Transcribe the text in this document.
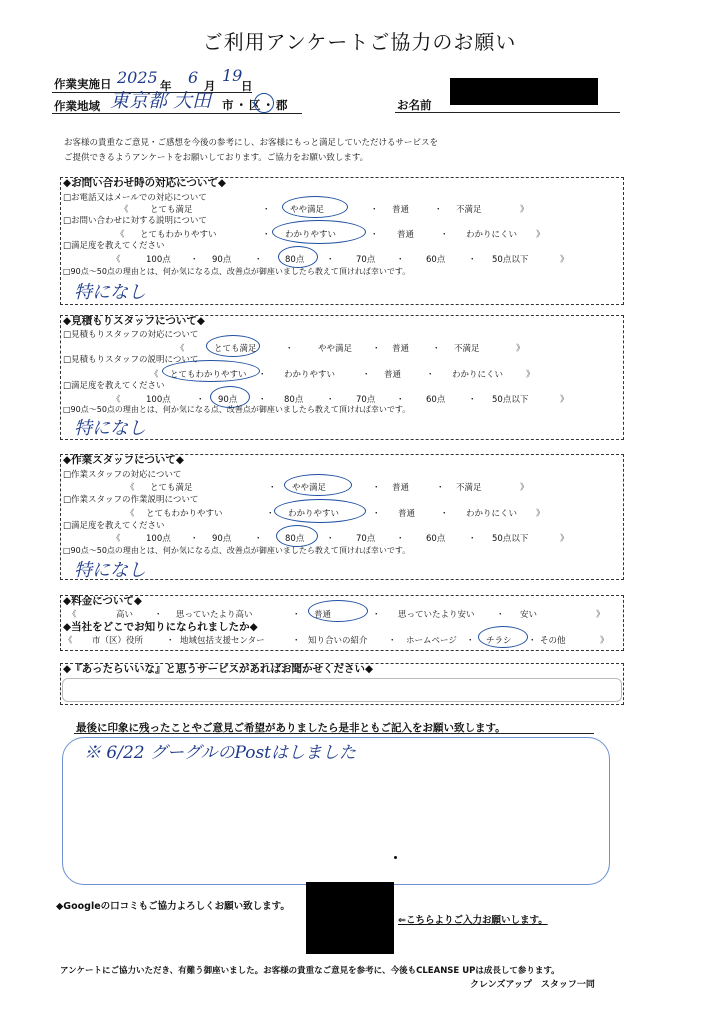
ご利用アンケートご協力のお願い
作業実施日 2025 年 6 月
19
日
作業地域 東京都 大田 市・区・郡	お名前
お客様の貴重なご意見・ご感想を今後の参考にし、お客様にもっと満足していただけるサービスを
ご提供できるようアンケートをお願いしております。ご協力をお願い致します。
◆お問い合わせ時の対応について◆
□お電話又はメールでの対応について
《	とても満足	・ やや満足	・ 普通	・ 不満足	》
□お問い合わせに対する説明について
《 とてもわかりやすい	・ わかりやすい	・ 普通	・ わかりにくい 》
□満足度を教えてください
《	100点 ・ 90点	・	80点	・	70点 ・	60点	・ 50点以下	》
□90点～50点の理由とは、何か気になる点、改善点が御座いましたら教えて頂ければ幸いです。
特になし
◆見積もりスタッフについて◆
□見積もりスタッフの対応について
《	とても満足	・	やや満足 ・ 普通	・ 不満足	》
□見積もりスタッフの説明について
《 とてもわかりやすい ・ わかりやすい	・ 普通	・ わかりにくい	》
□満足度を教えてください
《	100点	・ 90点 ・ 80点	・	70点 ・	60点	・ 50点以下	》
□90点～50点の理由とは、何か気になる点、改善点が御座いましたら教えて頂ければ幸いです。
特になし
◆作業スタッフについて◆
□作業スタッフの対応について
《 とても満足	・ やや満足	・ 普通	・ 不満足	》
□作業スタッフの作業説明について
《 とてもわかりやすい	・ わかりやすい	・ 普通	・ わかりにくい 》
□満足度を教えてください
《	100点 ・ 90点	・	80点	・	70点 ・	60点	・ 50点以下	》
□90点～50点の理由とは、何か気になる点、改善点が御座いましたら教えて頂ければ幸いです。
特になし
◆料金について◆
《	高い ・ 思っていたより高い	・ 普通	・ 思っていたより安い	・ 安い	》
◆当社をどこでお知りになられましたか◆
《 市（区）役所	・ 地域包括支援センター	・ 知り合いの紹介 ・ ホームページ ・ チラシ ・ その他	》
◆『あったらいいな』と思うサービスがあればお聞かせください◆
最後に印象に残ったことやご意見ご希望がありましたら是非ともご記入をお願い致します。
※ 6/22 グーグルのPostはしました
◆Googleの口コミもご協力よろしくお願い致します。
⇐こちらよりご入力お願いします。
アンケートにご協力いただき、有難う御座いました。お客様の貴重なご意見を参考に、今後もCLEANSE UPは成長して参ります。
クレンズアップ　スタッフ一同
